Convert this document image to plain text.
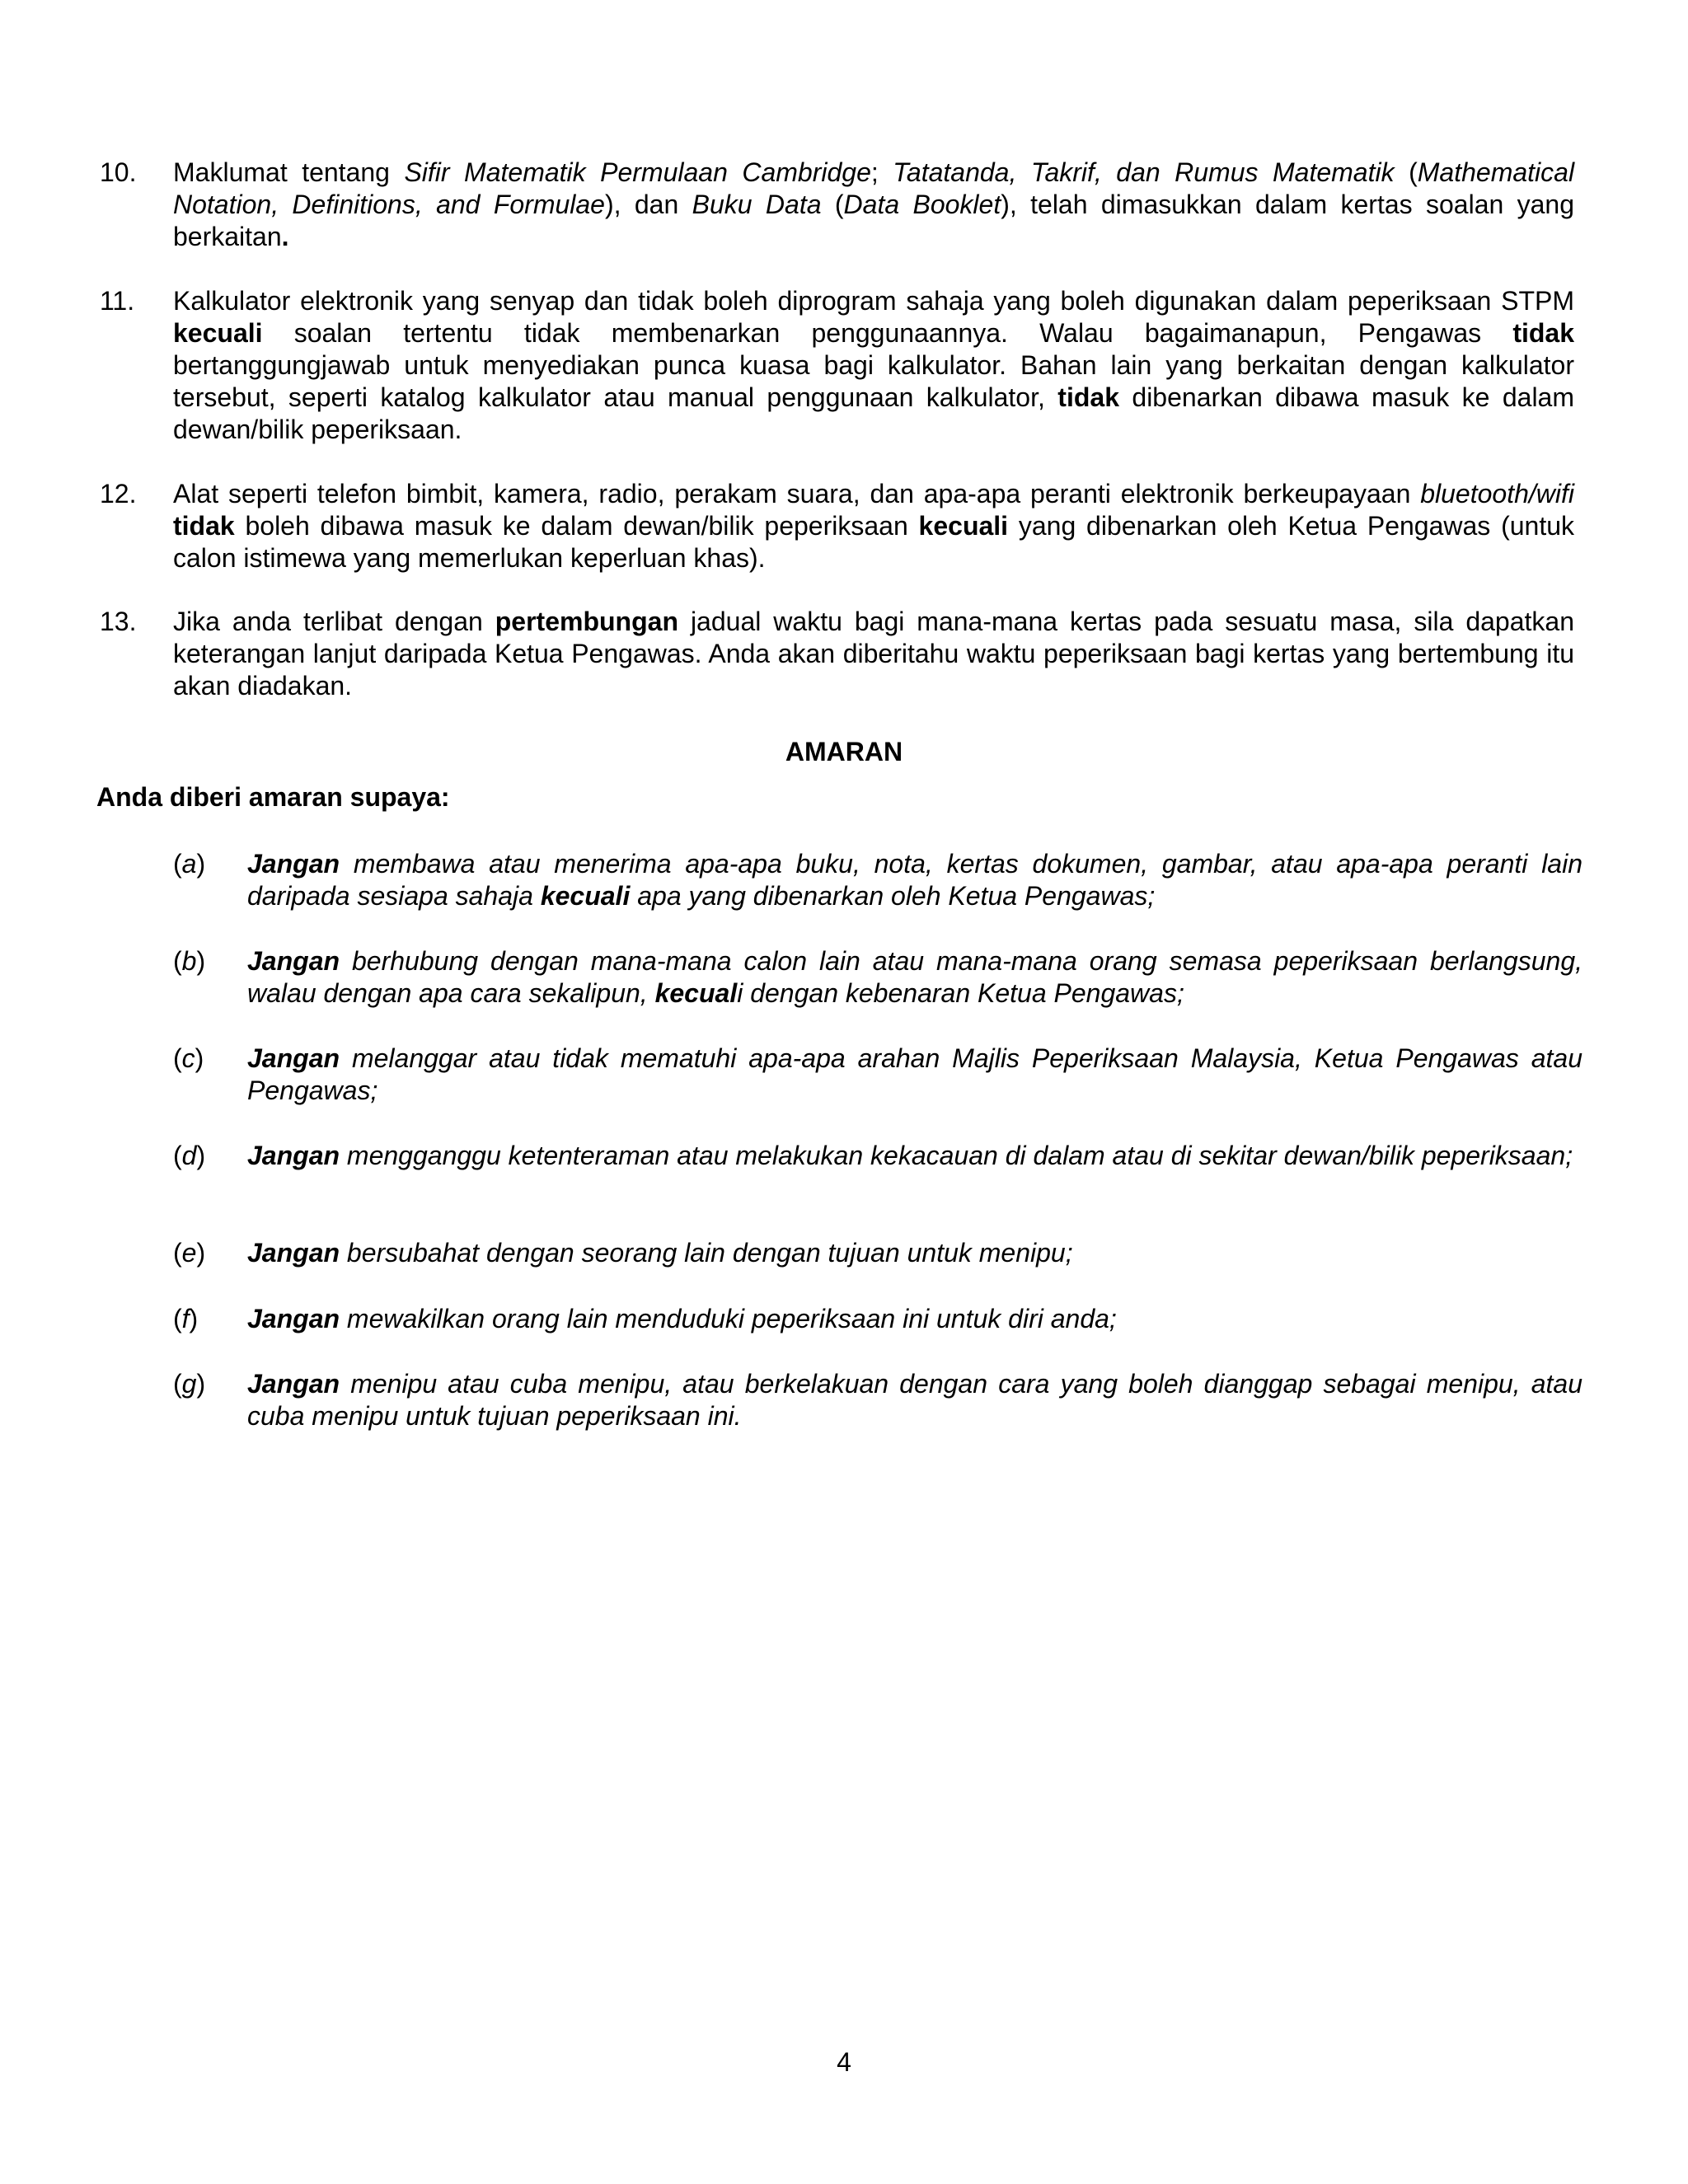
10. Maklumat tentang Sifir Matematik Permulaan Cambridge; Tatatanda, Takrif, dan Rumus Matematik (Mathematical Notation, Definitions, and Formulae), dan Buku Data (Data Booklet), telah dimasukkan dalam kertas soalan yang berkaitan.
11. Kalkulator elektronik yang senyap dan tidak boleh diprogram sahaja yang boleh digunakan dalam peperiksaan STPM kecuali soalan tertentu tidak membenarkan penggunaannya. Walau bagaimanapun, Pengawas tidak bertanggungjawab untuk menyediakan punca kuasa bagi kalkulator. Bahan lain yang berkaitan dengan kalkulator tersebut, seperti katalog kalkulator atau manual penggunaan kalkulator, tidak dibenarkan dibawa masuk ke dalam dewan/bilik peperiksaan.
12. Alat seperti telefon bimbit, kamera, radio, perakam suara, dan apa-apa peranti elektronik berkeupayaan bluetooth/wifi tidak boleh dibawa masuk ke dalam dewan/bilik peperiksaan kecuali yang dibenarkan oleh Ketua Pengawas (untuk calon istimewa yang memerlukan keperluan khas).
13. Jika anda terlibat dengan pertembungan jadual waktu bagi mana-mana kertas pada sesuatu masa, sila dapatkan keterangan lanjut daripada Ketua Pengawas. Anda akan diberitahu waktu peperiksaan bagi kertas yang bertembung itu akan diadakan.
AMARAN
Anda diberi amaran supaya:
(a) Jangan membawa atau menerima apa-apa buku, nota, kertas dokumen, gambar, atau apa-apa peranti lain daripada sesiapa sahaja kecuali apa yang dibenarkan oleh Ketua Pengawas;
(b) Jangan berhubung dengan mana-mana calon lain atau mana-mana orang semasa peperiksaan berlangsung, walau dengan apa cara sekalipun, kecuali dengan kebenaran Ketua Pengawas;
(c) Jangan melanggar atau tidak mematuhi apa-apa arahan Majlis Peperiksaan Malaysia, Ketua Pengawas atau Pengawas;
(d) Jangan mengganggu ketenteraman atau melakukan kekacauan di dalam atau di sekitar dewan/bilik peperiksaan;
(e) Jangan bersubahat dengan seorang lain dengan tujuan untuk menipu;
(f) Jangan mewakilkan orang lain menduduki peperiksaan ini untuk diri anda;
(g) Jangan menipu atau cuba menipu, atau berkelakuan dengan cara yang boleh dianggap sebagai menipu, atau cuba menipu untuk tujuan peperiksaan ini.
4
